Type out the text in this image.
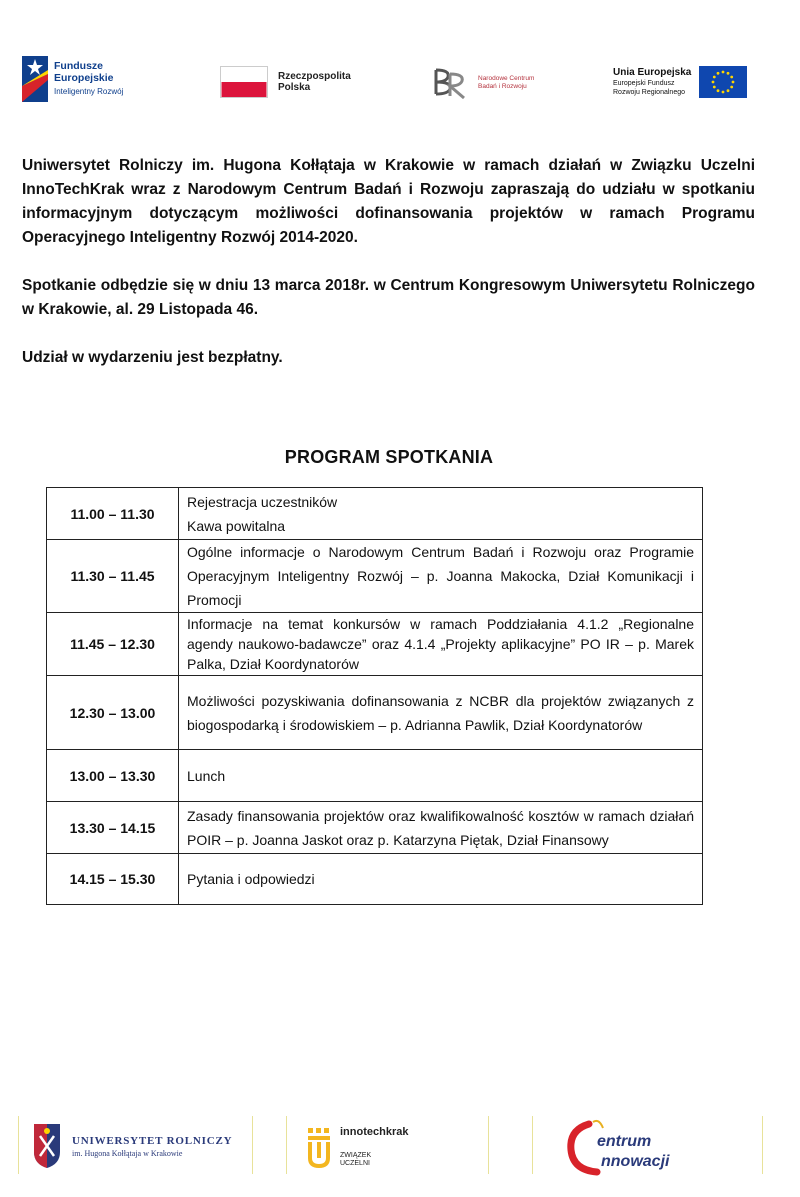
Fundusze
Europejskie
Inteligentny Rozwój
Rzeczpospolita
Polska
Narodowe Centrum
Badań i Rozwoju
Unia Europejska
Europejski Fundusz
Rozwoju Regionalnego

Uniwersytet Rolniczy im. Hugona Kołłątaja w Krakowie w ramach działań w Związku Uczelni InnoTechKrak wraz z Narodowym Centrum Badań i Rozwoju zapraszają do udziału w spotkaniu informacyjnym dotyczącym możliwości dofinansowania projektów w ramach Programu Operacyjnego Inteligentny Rozwój 2014-2020.

Spotkanie odbędzie się w dniu 13 marca 2018r. w Centrum Kongresowym Uniwersytetu Rolniczego w Krakowie, al. 29 Listopada 46.

Udział w wydarzeniu jest bezpłatny.

PROGRAM SPOTKANIA
11.00 – 11.30	Rejestracja uczestników
Kawa powitalna

11.30 – 11.45	Ogólne informacje o Narodowym Centrum Badań i Rozwoju oraz Programie Operacyjnym Inteligentny Rozwój – p. Joanna Makocka, Dział Komunikacji i Promocji
11.45 – 12.30	Informacje na temat konkursów w ramach Poddziałania 4.1.2 „Regionalne agendy naukowo-badawcze” oraz 4.1.4 „Projekty aplikacyjne” PO IR – p. Marek Palka, Dział Koordynatorów
12.30 – 13.00	Możliwości pozyskiwania dofinansowania z NCBR dla projektów związanych z biogospodarką i środowiskiem – p. Adrianna Pawlik, Dział Koordynatorów
13.00 – 13.30	Lunch
13.30 – 14.15	Zasady finansowania projektów oraz kwalifikowalność kosztów w ramach działań POIR – p. Joanna Jaskot oraz p. Katarzyna Piętak, Dział Finansowy
14.15 – 15.30	Pytania i odpowiedzi
UNIWERSYTET ROLNICZY
im. Hugona Kołłątaja w Krakowie
innotechkrak
ZWIĄZEK
UCZELNI
entrum
nnowacji
